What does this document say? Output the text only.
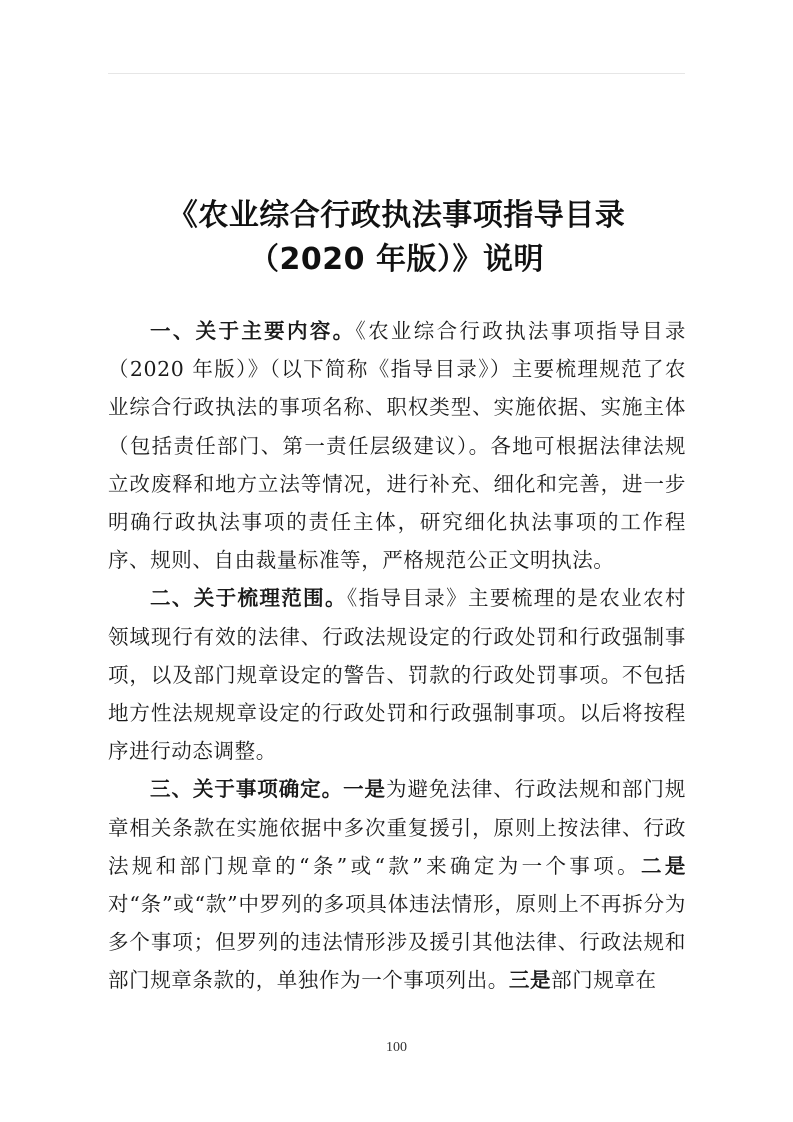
《农业综合行政执法事项指导目录
（2020 年版）》说明

一、关于主要内容。《农业综合行政执法事项指导目录（2020 年版）》（以下简称《指导目录》）主要梳理规范了农业综合行政执法的事项名称、职权类型、实施依据、实施主体（包括责任部门、第一责任层级建议）。各地可根据法律法规立改废释和地方立法等情况，进行补充、细化和完善，进一步明确行政执法事项的责任主体，研究细化执法事项的工作程序、规则、自由裁量标准等，严格规范公正文明执法。

二、关于梳理范围。《指导目录》主要梳理的是农业农村领域现行有效的法律、行政法规设定的行政处罚和行政强制事项，以及部门规章设定的警告、罚款的行政处罚事项。不包括地方性法规规章设定的行政处罚和行政强制事项。以后将按程序进行动态调整。

三、关于事项确定。一是为避免法律、行政法规和部门规章相关条款在实施依据中多次重复援引，原则上按法律、行政法规和部门规章的“条”或“款”来确定为一个事项。二是对“条”或“款”中罗列的多项具体违法情形，原则上不再拆分为多个事项；但罗列的违法情形涉及援引其他法律、行政法规和部门规章条款的，单独作为一个事项列出。三是部门规章在

100
